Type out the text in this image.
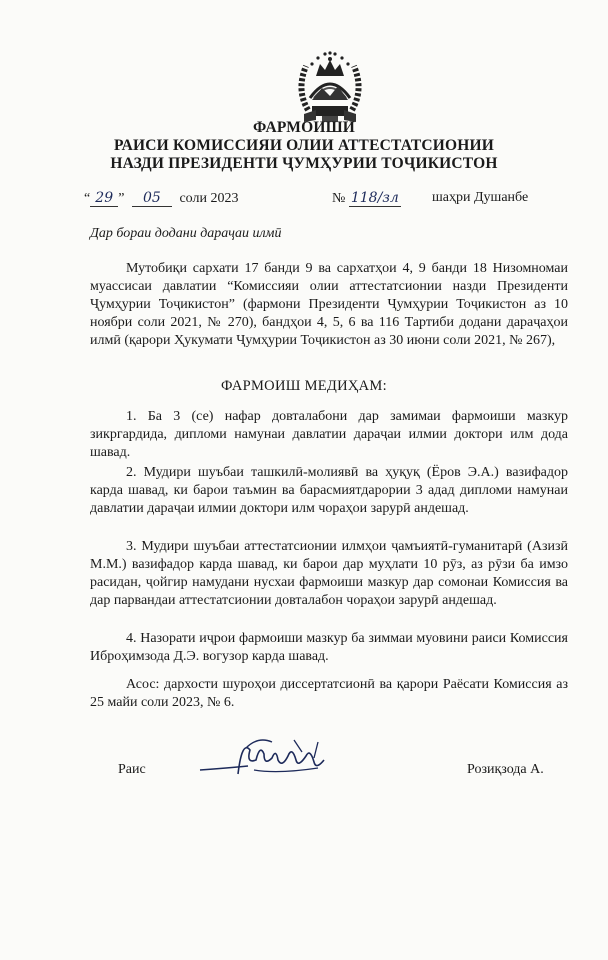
ФАРМОИШИ
РАИСИ КОМИССИЯИ ОЛИИ АТТЕСТАТСИОНИИ
НАЗДИ ПРЕЗИДЕНТИ ҶУМҲУРИИ ТОҶИКИСТОН
“ 29 ” 05 соли 2023	№ 118/зл шаҳри Душанбе
Дар бораи додани дараҷаи илмӣ

Мутобиқи сархати 17 банди 9 ва сархатҳои 4, 9 банди 18 Низомномаи муассисаи давлатии “Комиссияи олии аттестатсионии назди Президенти Ҷумҳурии Тоҷикистон” (фармони Президенти Ҷумҳурии Тоҷикистон аз 10 ноябри соли 2021, № 270), бандҳои 4, 5, 6 ва 116 Тартиби додани дараҷаҳои илмӣ (қарори Ҳукумати Ҷумҳурии Тоҷикистон аз 30 июни соли 2021, № 267),

ФАРМОИШ МЕДИҲАМ:

1. Ба 3 (се) нафар довталабони дар замимаи фармоиши мазкур зикргардида, дипломи намунаи давлатии дараҷаи илмии доктори илм дода шавад.

2. Мудири шуъбаи ташкилӣ-молиявӣ ва ҳуқуқ (Ёров Э.А.) вазифадор карда шавад, ки барои таъмин ва барасмиятдарории 3 адад дипломи намунаи давлатии дараҷаи илмии доктори илм чораҳои зарурӣ андешад.

3. Мудири шуъбаи аттестатсионии илмҳои ҷамъиятӣ-гуманитарӣ (Азизӣ М.М.) вазифадор карда шавад, ки барои дар муҳлати 10 рӯз, аз рӯзи ба имзо расидан, ҷойгир намудани нусхаи фармоиши мазкур дар сомонаи Комиссия ва дар парвандаи аттестатсионии довталабон чораҳои зарурӣ андешад.

4. Назорати иҷрои фармоиши мазкур ба зиммаи муовини раиси Комиссия Иброҳимзода Д.Э. вогузор карда шавад.

Асос: дархости шуроҳои диссертатсионӣ ва қарори Раёсати Комиссия аз 25 майи соли 2023, № 6.

Раис	Розиқзода А.
